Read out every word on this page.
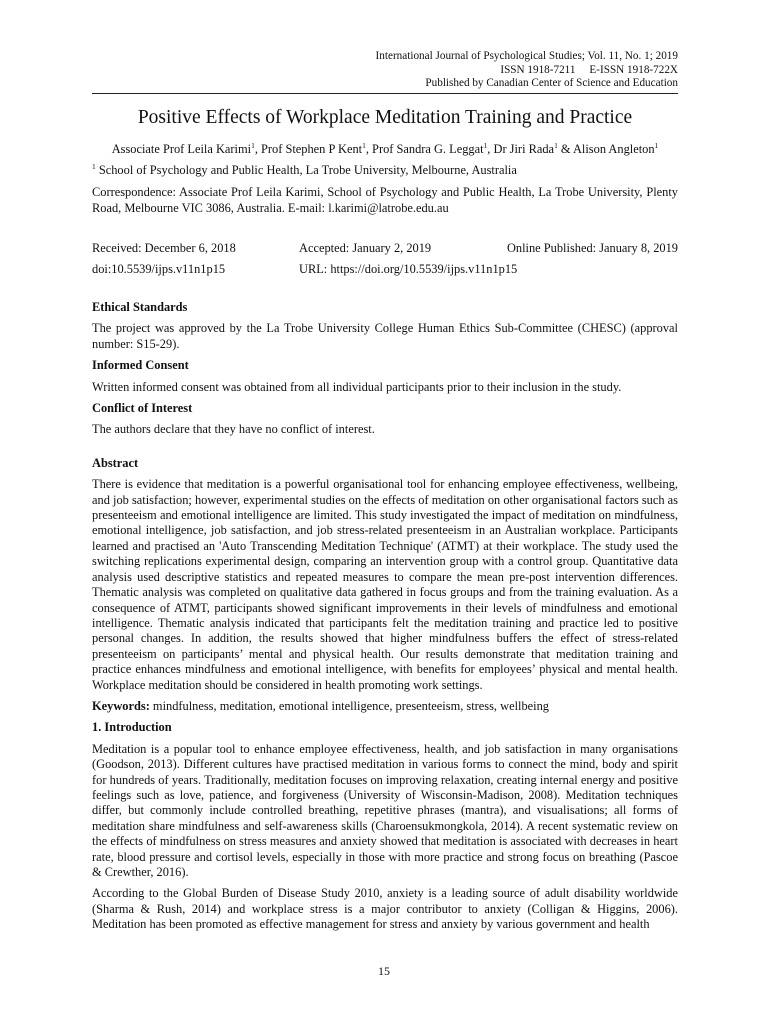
International Journal of Psychological Studies; Vol. 11, No. 1; 2019
ISSN 1918-7211     E-ISSN 1918-722X
Published by Canadian Center of Science and Education
Positive Effects of Workplace Meditation Training and Practice
Associate Prof Leila Karimi$^1$, Prof Stephen P Kent$^1$, Prof Sandra G. Leggat$^1$, Dr Jiri Rada$^1$ & Alison Angleton$^1$
$^1$ School of Psychology and Public Health, La Trobe University, Melbourne, Australia
Correspondence: Associate Prof Leila Karimi, School of Psychology and Public Health, La Trobe University, Plenty Road, Melbourne VIC 3086, Australia. E-mail: l.karimi@latrobe.edu.au
Received: December 6, 2018	Accepted: January 2, 2019	Online Published: January 8, 2019
doi:10.5539/ijps.v11n1p15	URL: https://doi.org/10.5539/ijps.v11n1p15
Ethical Standards
The project was approved by the La Trobe University College Human Ethics Sub-Committee (CHESC) (approval number: S15-29).
Informed Consent
Written informed consent was obtained from all individual participants prior to their inclusion in the study.
Conflict of Interest
The authors declare that they have no conflict of interest.
Abstract
There is evidence that meditation is a powerful organisational tool for enhancing employee effectiveness, wellbeing, and job satisfaction; however, experimental studies on the effects of meditation on other organisational factors such as presenteeism and emotional intelligence are limited. This study investigated the impact of meditation on mindfulness, emotional intelligence, job satisfaction, and job stress-related presenteeism in an Australian workplace. Participants learned and practised an 'Auto Transcending Meditation Technique' (ATMT) at their workplace. The study used the switching replications experimental design, comparing an intervention group with a control group. Quantitative data analysis used descriptive statistics and repeated measures to compare the mean pre-post intervention differences. Thematic analysis was completed on qualitative data gathered in focus groups and from the training evaluation. As a consequence of ATMT, participants showed significant improvements in their levels of mindfulness and emotional intelligence. Thematic analysis indicated that participants felt the meditation training and practice led to positive personal changes. In addition, the results showed that higher mindfulness buffers the effect of stress-related presenteeism on participants’ mental and physical health. Our results demonstrate that meditation training and practice enhances mindfulness and emotional intelligence, with benefits for employees’ physical and mental health. Workplace meditation should be considered in health promoting work settings.
Keywords: mindfulness, meditation, emotional intelligence, presenteeism, stress, wellbeing
1. Introduction
Meditation is a popular tool to enhance employee effectiveness, health, and job satisfaction in many organisations (Goodson, 2013). Different cultures have practised meditation in various forms to connect the mind, body and spirit for hundreds of years. Traditionally, meditation focuses on improving relaxation, creating internal energy and positive feelings such as love, patience, and forgiveness (University of Wisconsin-Madison, 2008). Meditation techniques differ, but commonly include controlled breathing, repetitive phrases (mantra), and visualisations; all forms of meditation share mindfulness and self-awareness skills (Charoensukmongkola, 2014). A recent systematic review on the effects of mindfulness on stress measures and anxiety showed that meditation is associated with decreases in heart rate, blood pressure and cortisol levels, especially in those with more practice and strong focus on breathing (Pascoe & Crewther, 2016).
According to the Global Burden of Disease Study 2010, anxiety is a leading source of adult disability worldwide (Sharma & Rush, 2014) and workplace stress is a major contributor to anxiety (Colligan & Higgins, 2006). Meditation has been promoted as effective management for stress and anxiety by various government and health
15
